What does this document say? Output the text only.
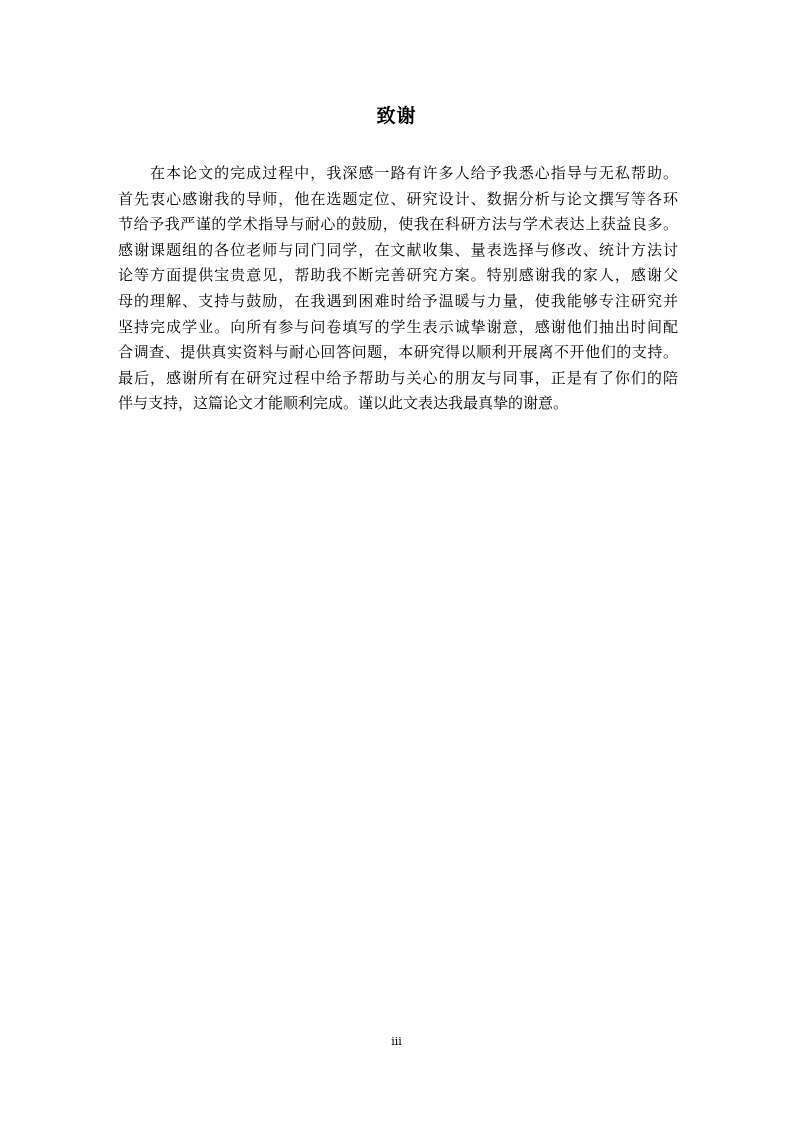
致谢
在本论文的完成过程中，我深感一路有许多人给予我悉心指导与无私帮助。
首先衷心感谢我的导师，他在选题定位、研究设计、数据分析与论文撰写等各环
节给予我严谨的学术指导与耐心的鼓励，使我在科研方法与学术表达上获益良多。
感谢课题组的各位老师与同门同学，在文献收集、量表选择与修改、统计方法讨
论等方面提供宝贵意见，帮助我不断完善研究方案。特别感谢我的家人，感谢父
母的理解、支持与鼓励，在我遇到困难时给予温暖与力量，使我能够专注研究并
坚持完成学业。向所有参与问卷填写的学生表示诚挚谢意，感谢他们抽出时间配
合调查、提供真实资料与耐心回答问题，本研究得以顺利开展离不开他们的支持。
最后，感谢所有在研究过程中给予帮助与关心的朋友与同事，正是有了你们的陪
伴与支持，这篇论文才能顺利完成。谨以此文表达我最真挚的谢意。
iii
